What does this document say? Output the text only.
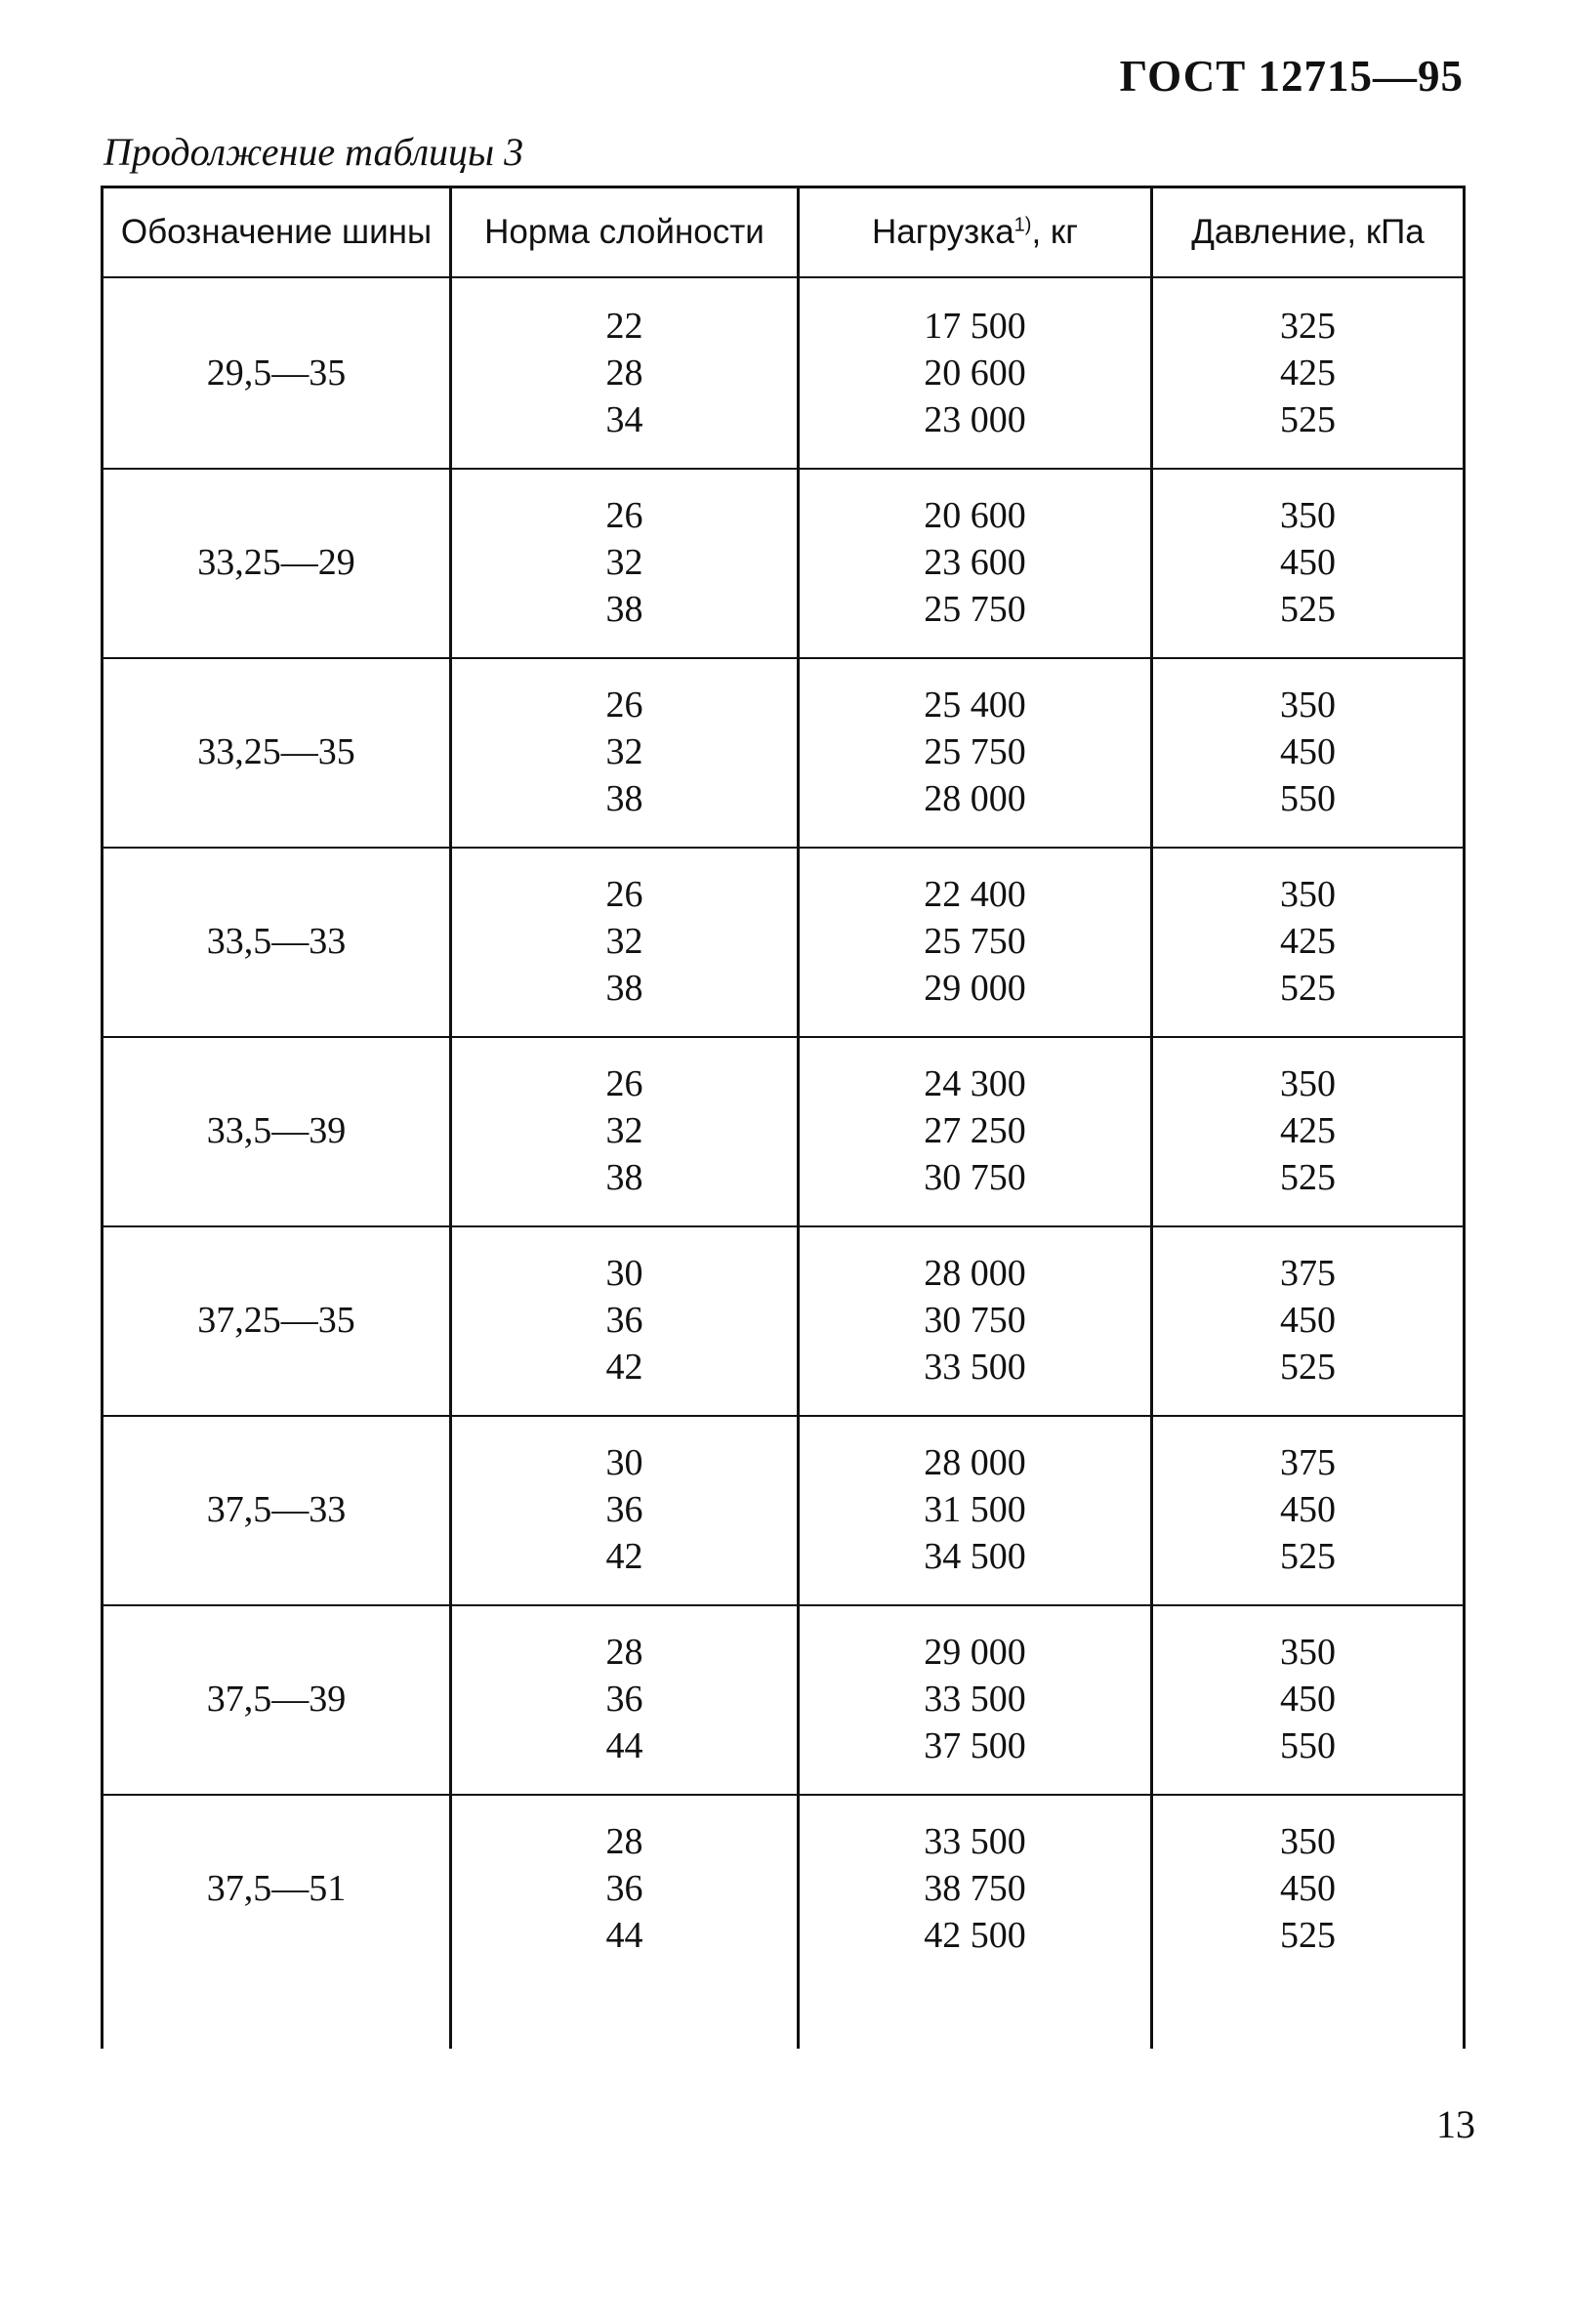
ГОСТ 12715—95
Продолжение таблицы 3
Обозначение шины Норма слойности	Нагрузка$^{1)}$, кг	Давление, кПа
29,5—35
22
28
34
17 500
20 600
23 000
325
425
525
33,25—29
26
32
38
20 600
23 600
25 750
350
450
525
33,25—35
26
32
38
25 400
25 750
28 000
350
450
550
33,5—33
26
32
38
22 400
25 750
29 000
350
425
525
33,5—39
26
32
38
24 300
27 250
30 750
350
425
525
37,25—35
30
36
42
28 000
30 750
33 500
375
450
525
37,5—33
30
36
42
28 000
31 500
34 500
375
450
525
37,5—39
28
36
44
29 000
33 500
37 500
350
450
550
37,5—51
28
36
44
33 500
38 750
42 500
350
450
525
13
